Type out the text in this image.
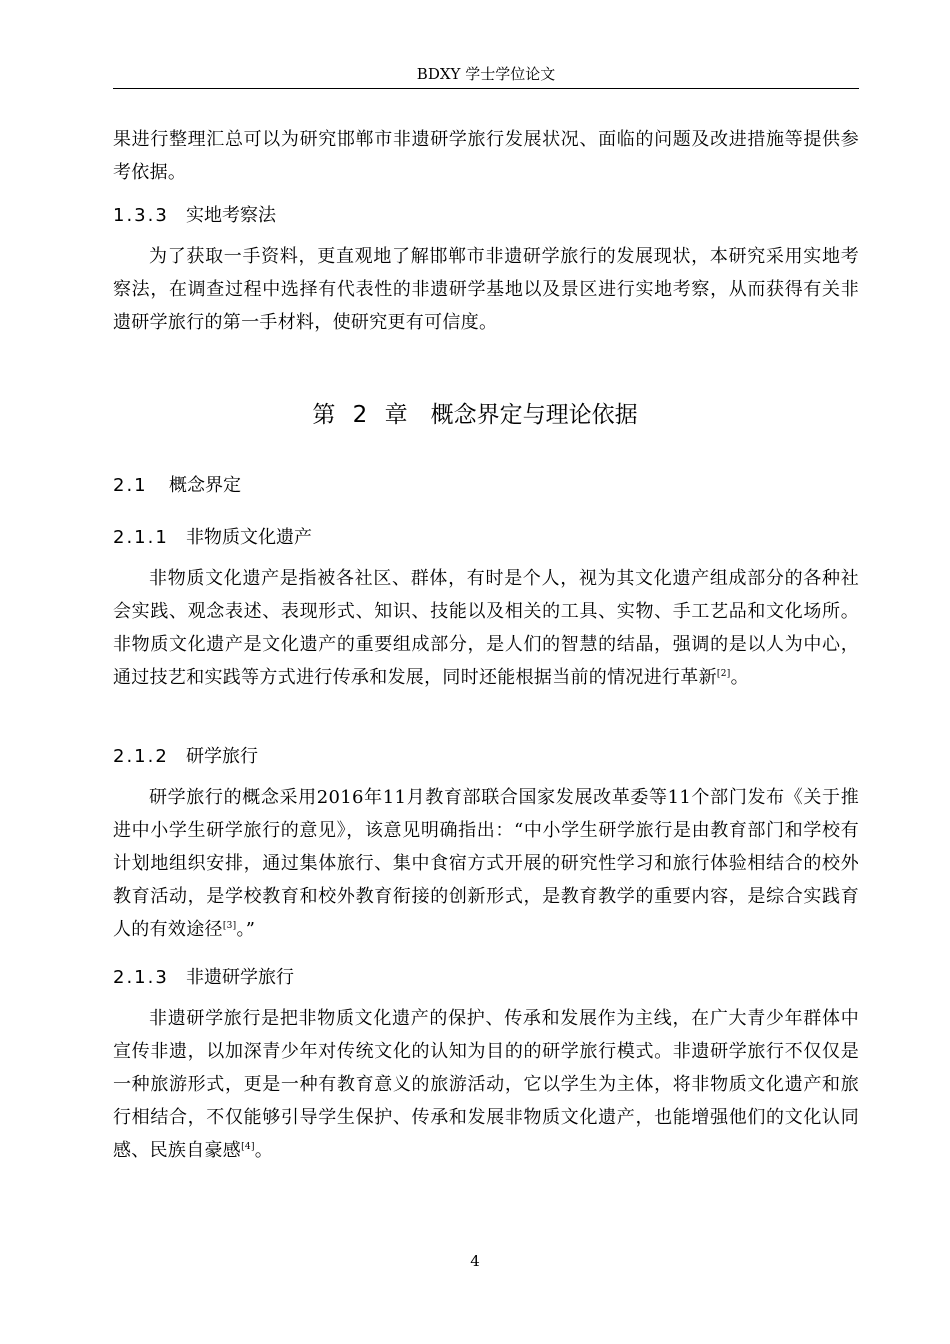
BDXY 学士学位论文

果进行整理汇总可以为研究邯郸市非遗研学旅行发展状况、面临的问题及改进措施等提供参考依据。

1.3.3 实地考察法

为了获取一手资料，更直观地了解邯郸市非遗研学旅行的发展现状，本研究采用实地考察法，在调查过程中选择有代表性的非遗研学基地以及景区进行实地考察，从而获得有关非遗研学旅行的第一手材料，使研究更有可信度。

第 2 章 概念界定与理论依据
2.1 概念界定
2.1.1 非物质文化遗产

非物质文化遗产是指被各社区、群体，有时是个人，视为其文化遗产组成部分的各种社会实践、观念表述、表现形式、知识、技能以及相关的工具、实物、手工艺品和文化场所。非物质文化遗产是文化遗产的重要组成部分，是人们的智慧的结晶，强调的是以人为中心，通过技艺和实践等方式进行传承和发展，同时还能根据当前的情况进行革新[2]。

2.1.2 研学旅行

研学旅行的概念采用2016年11月教育部联合国家发展改革委等11个部门发布《关于推进中小学生研学旅行的意见》，该意见明确指出：“中小学生研学旅行是由教育部门和学校有计划地组织安排，通过集体旅行、集中食宿方式开展的研究性学习和旅行体验相结合的校外教育活动，是学校教育和校外教育衔接的创新形式，是教育教学的重要内容，是综合实践育人的有效途径[3]。”

2.1.3 非遗研学旅行

非遗研学旅行是把非物质文化遗产的保护、传承和发展作为主线，在广大青少年群体中宣传非遗，以加深青少年对传统文化的认知为目的的研学旅行模式。非遗研学旅行不仅仅是一种旅游形式，更是一种有教育意义的旅游活动，它以学生为主体，将非物质文化遗产和旅行相结合，不仅能够引导学生保护、传承和发展非物质文化遗产，也能增强他们的文化认同感、民族自豪感[4]。

4
